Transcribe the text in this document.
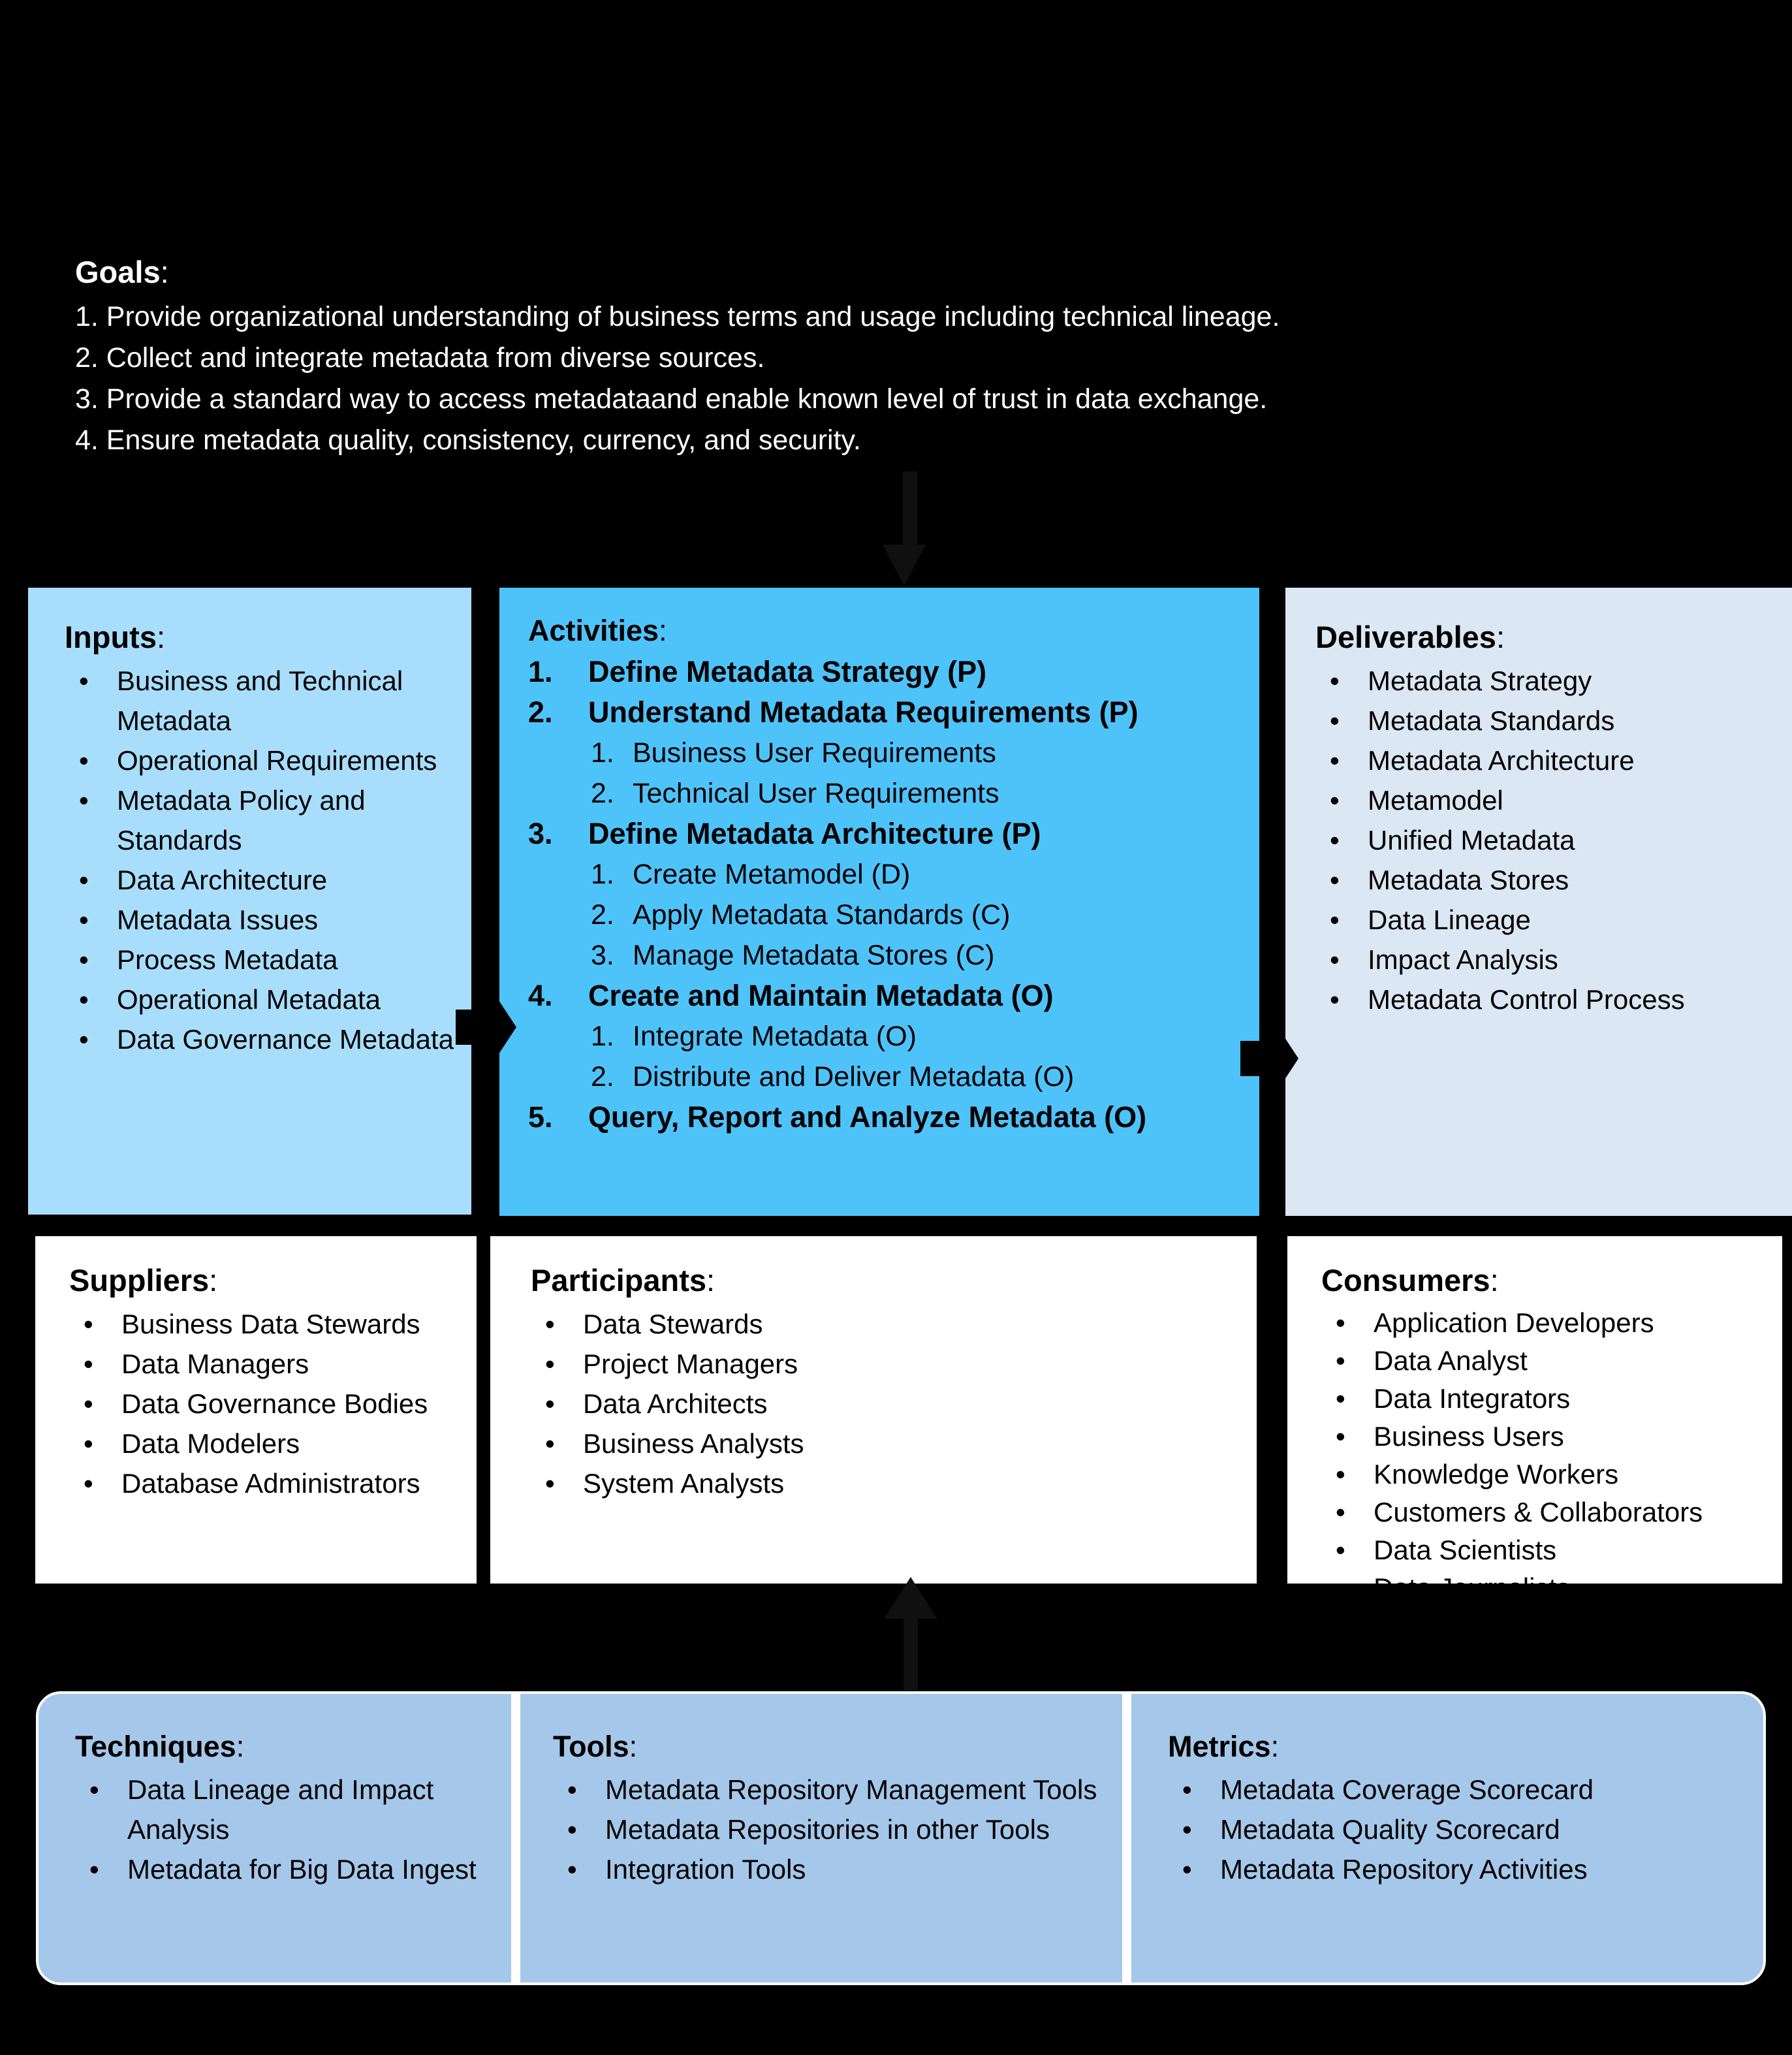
Goals:
1. Provide organizational understanding of business terms and usage including technical lineage.
2. Collect and integrate metadata from diverse sources.
3. Provide a standard way to access metadataand enable known level of trust in data exchange.
4. Ensure metadata quality, consistency, currency, and security.
Inputs:
• Business and Technical Metadata
• Operational Requirements
• Metadata Policy and Standards
• Data Architecture
• Metadata Issues
• Process Metadata
• Operational Metadata
• Data Governance Metadata
Activities:
1.	Define Metadata Strategy (P)
2.	Understand Metadata Requirements (P)
1. Business User Requirements
2. Technical User Requirements
3.	Define Metadata Architecture (P)
1. Create Metamodel (D)
2. Apply Metadata Standards (C)
3. Manage Metadata Stores (C)
4.	Create and Maintain Metadata (O)
1. Integrate Metadata (O)
2. Distribute and Deliver Metadata (O)
5.	Query, Report and Analyze Metadata (O)
Deliverables:
• Metadata Strategy
• Metadata Standards
• Metadata Architecture
• Metamodel
• Unified Metadata
• Metadata Stores
• Data Lineage
• Impact Analysis
• Metadata Control Process
Suppliers:
• Business Data Stewards
• Data Managers
• Data Governance Bodies
• Data Modelers
• Database Administrators
Participants:
• Data Stewards
• Project Managers
• Data Architects
• Business Analysts
• System Analysts
Consumers:
• Application Developers
• Data Analyst
• Data Integrators
• Business Users
• Knowledge Workers
• Customers & Collaborators
• Data Scientists
• Data Journalists
Techniques:
• Data Lineage and Impact Analysis
• Metadata for Big Data Ingest
Tools:
• Metadata Repository Management Tools
• Metadata Repositories in other Tools
• Integration Tools
Metrics:
• Metadata Coverage Scorecard
• Metadata Quality Scorecard
• Metadata Repository Activities
